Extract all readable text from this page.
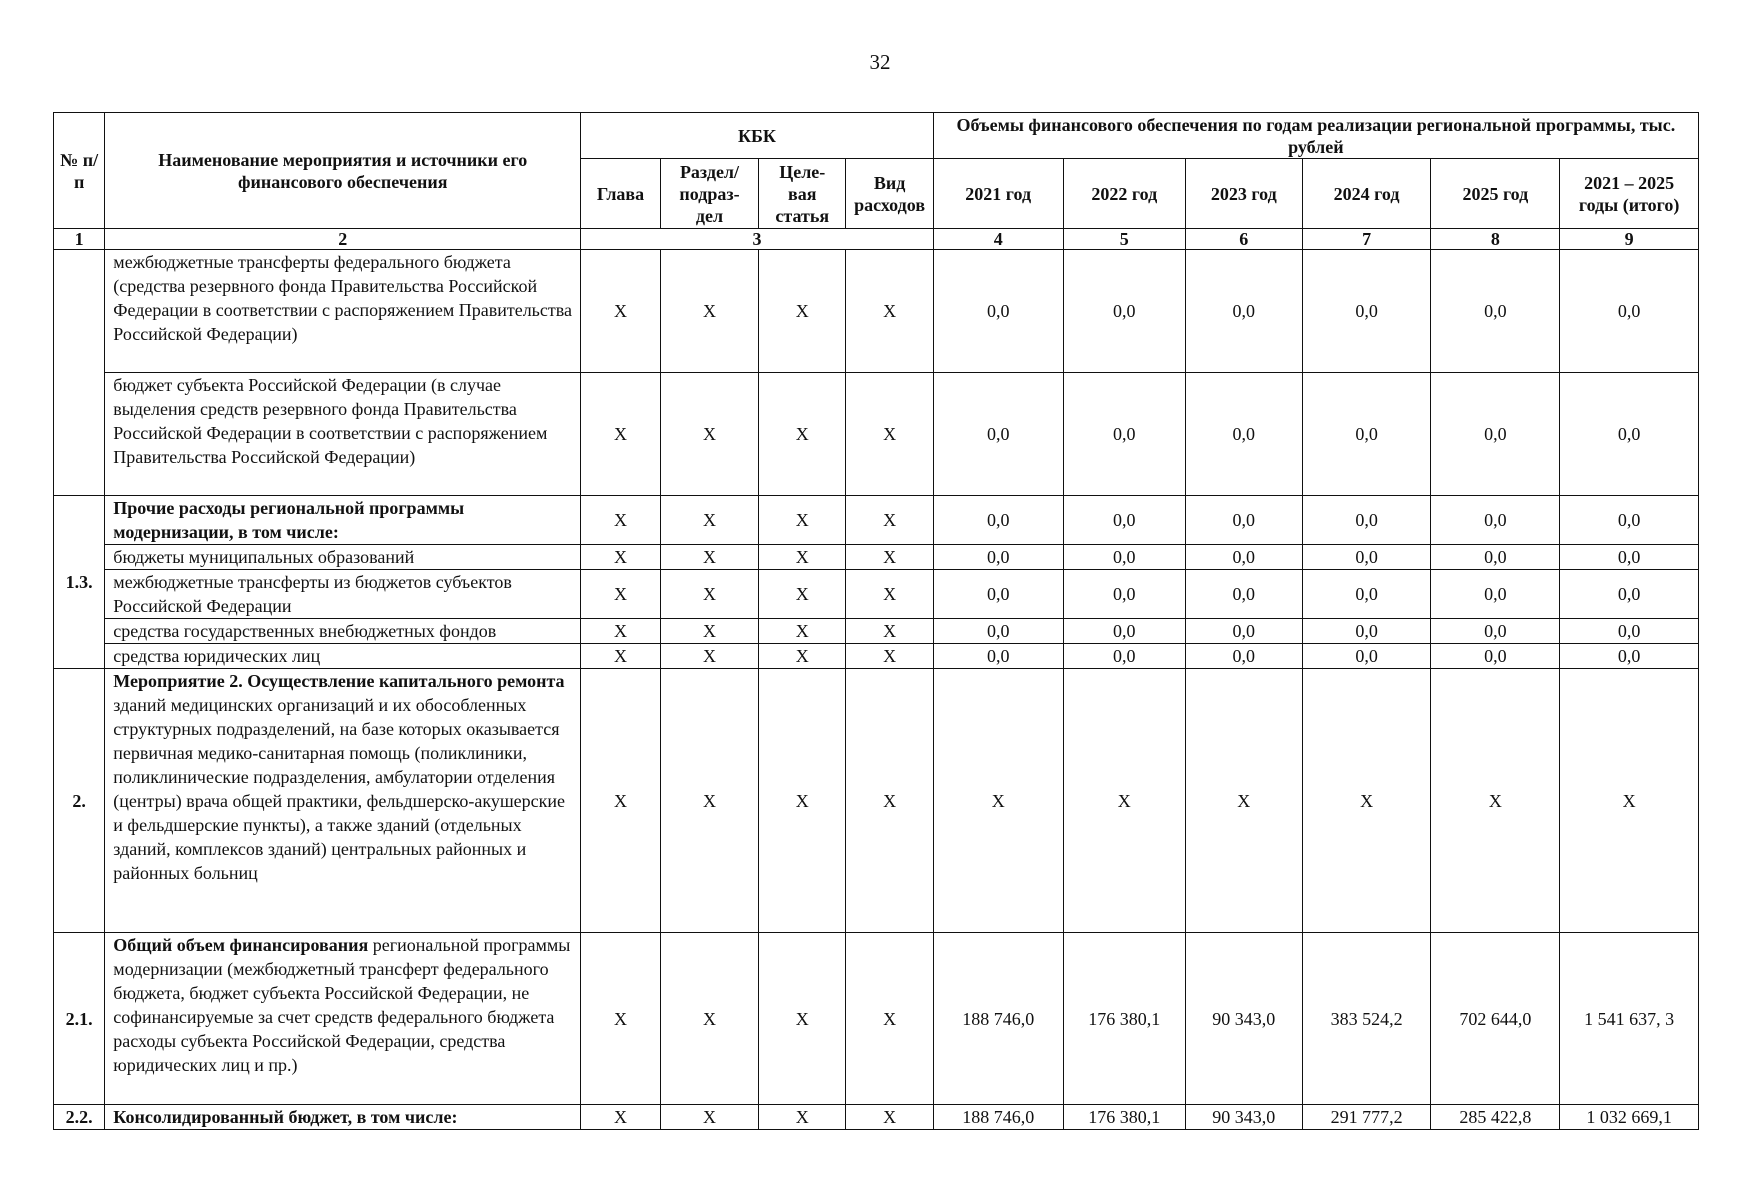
32
№ п/п	Наименование мероприятия и источники его финансового обеспечения	КБК				Объемы финансового обеспечения по годам реализации региональной программы, тыс. рублей					
		Глава	Раздел/ подраз- дел	Целе- вая статья	Вид расходов	2021 год	2022 год	2023 год	2024 год	2025 год	2021 – 2025 годы (итого)
1	2	3				4	5	6	7	8	9
	межбюджетные трансферты федерального бюджета (средства резервного фонда Правительства Российской Федерации в соответствии с распоряжением Правительства Российской Федерации)	X	X	X	X	0,0	0,0	0,0	0,0	0,0	0,0
	бюджет субъекта Российской Федерации (в случае выделения средств резервного фонда Правительства Российской Федерации в соответствии с распоряжением Правительства Российской Федерации)	X	X	X	X	0,0	0,0	0,0	0,0	0,0	0,0
1.3.	Прочие расходы региональной программы модернизации, в том числе:	X	X	X	X	0,0	0,0	0,0	0,0	0,0	0,0
	бюджеты муниципальных образований	X	X	X	X	0,0	0,0	0,0	0,0	0,0	0,0
	межбюджетные трансферты из бюджетов субъектов Российской Федерации	X	X	X	X	0,0	0,0	0,0	0,0	0,0	0,0
	средства государственных внебюджетных фондов	X	X	X	X	0,0	0,0	0,0	0,0	0,0	0,0
	средства юридических лиц	X	X	X	X	0,0	0,0	0,0	0,0	0,0	0,0
2.	Мероприятие 2. Осуществление капитального ремонта зданий медицинских организаций и их обособленных структурных подразделений, на базе которых оказывается первичная медико-санитарная помощь (поликлиники, поликлинические подразделения, амбулатории отделения (центры) врача общей практики, фельдшерско-акушерские и фельдшерские пункты), а также зданий (отдельных зданий, комплексов зданий) центральных районных и районных больниц	X	X	X	X	X	X	X	X	X	X
2.1.	Общий объем финансирования региональной программы модернизации (межбюджетный трансферт федерального бюджета, бюджет субъекта Российской Федерации, не софинансируемые за счет средств федерального бюджета расходы субъекта Российской Федерации, средства юридических лиц и пр.)	X	X	X	X	188 746,0	176 380,1	90 343,0	383 524,2	702 644,0	1 541 637, 3
2.2.	Консолидированный бюджет, в том числе:	X	X	X	X	188 746,0	176 380,1	90 343,0	291 777,2	285 422,8	1 032 669,1
